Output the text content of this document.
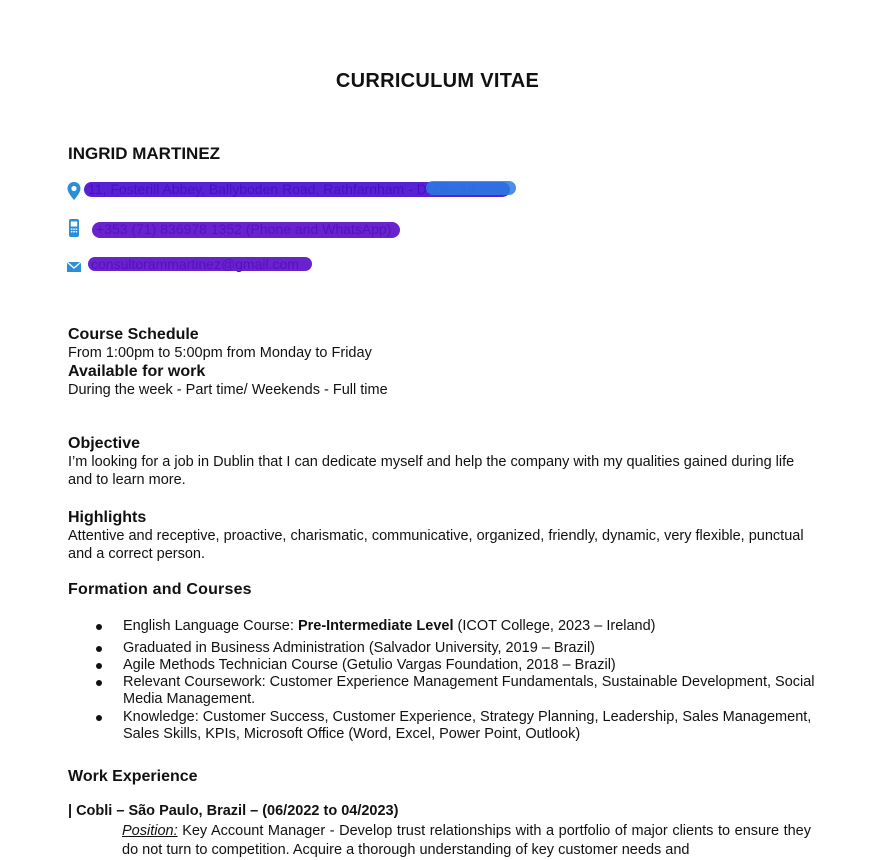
CURRICULUM VITAE
INGRID MARTINEZ

Course Schedule

From 1:00pm to 5:00pm from Monday to Friday

Available for work

During the week - Part time/ Weekends - Full time

Objective

I’m looking for a job in Dublin that I can dedicate myself and help the company with my qualities gained during life and to learn more.

Highlights

Attentive and receptive, proactive, charismatic, communicative, organized, friendly, dynamic, very flexible, punctual and a correct person.

Formation and Courses
English Language Course: Pre-Intermediate Level (ICOT College, 2023 – Ireland)
Graduated in Business Administration (Salvador University, 2019 – Brazil)
Agile Methods Technician Course (Getulio Vargas Foundation, 2018 – Brazil)
Relevant Coursework: Customer Experience Management Fundamentals, Sustainable Development, Social Media Management.
Knowledge: Customer Success, Customer Experience, Strategy Planning, Leadership, Sales Management, Sales Skills, KPIs, Microsoft Office (Word, Excel, Power Point, Outlook)

Work Experience

| Cobli – São Paulo, Brazil – (06/2022 to 04/2023)

Position: Key Account Manager - Develop trust relationships with a portfolio of major clients to ensure they do not turn to competition. Acquire a thorough understanding of key customer needs and
